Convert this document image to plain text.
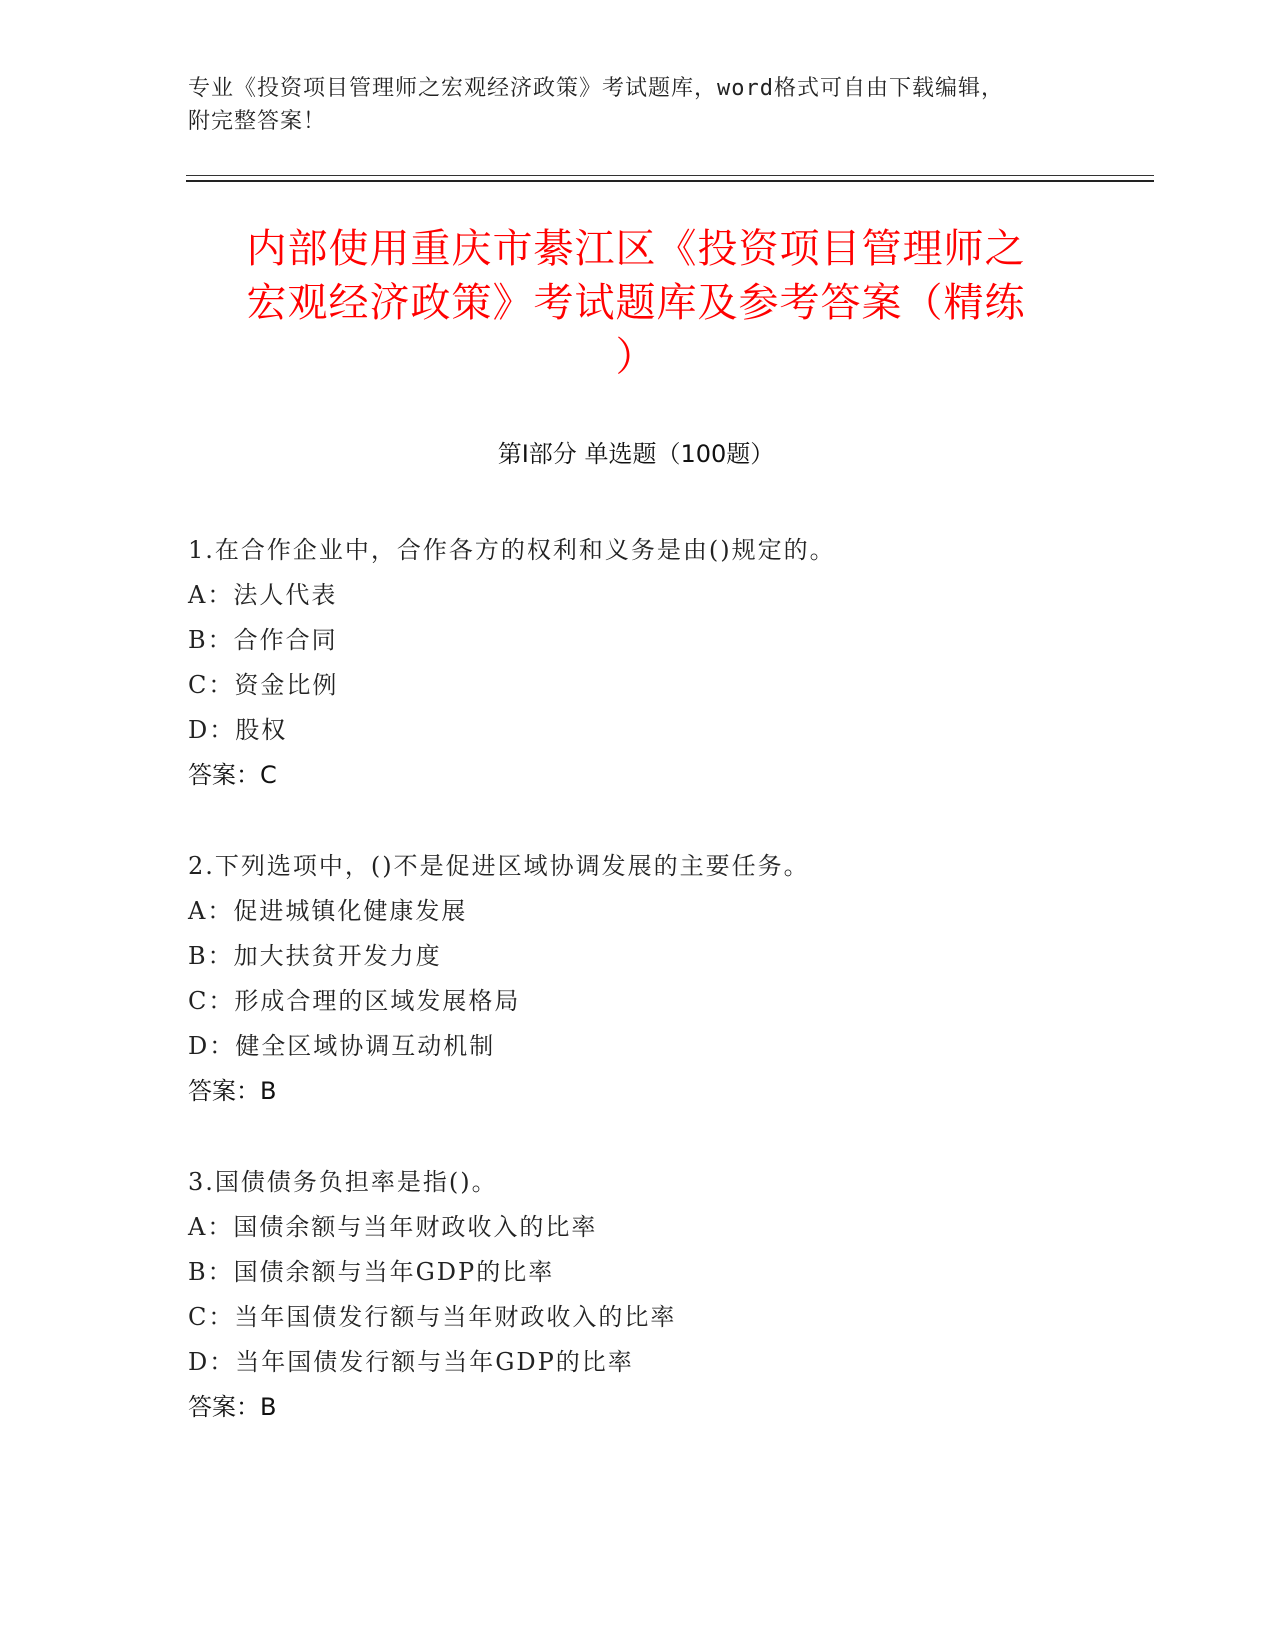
专业《投资项目管理师之宏观经济政策》考试题库，word格式可自由下载编辑，
附完整答案！
内部使用重庆市綦江区《投资项目管理师之
宏观经济政策》考试题库及参考答案（精练
）
第Ⅰ部分 单选题（100题）
1.在合作企业中，合作各方的权利和义务是由()规定的。
A：法人代表
B：合作合同
C：资金比例
D：股权
答案：C
2.下列选项中，()不是促进区域协调发展的主要任务。
A：促进城镇化健康发展
B：加大扶贫开发力度
C：形成合理的区域发展格局
D：健全区域协调互动机制
答案：B
3.国债债务负担率是指()。
A：国债余额与当年财政收入的比率
B：国债余额与当年GDP的比率
C：当年国债发行额与当年财政收入的比率
D：当年国债发行额与当年GDP的比率
答案：B
